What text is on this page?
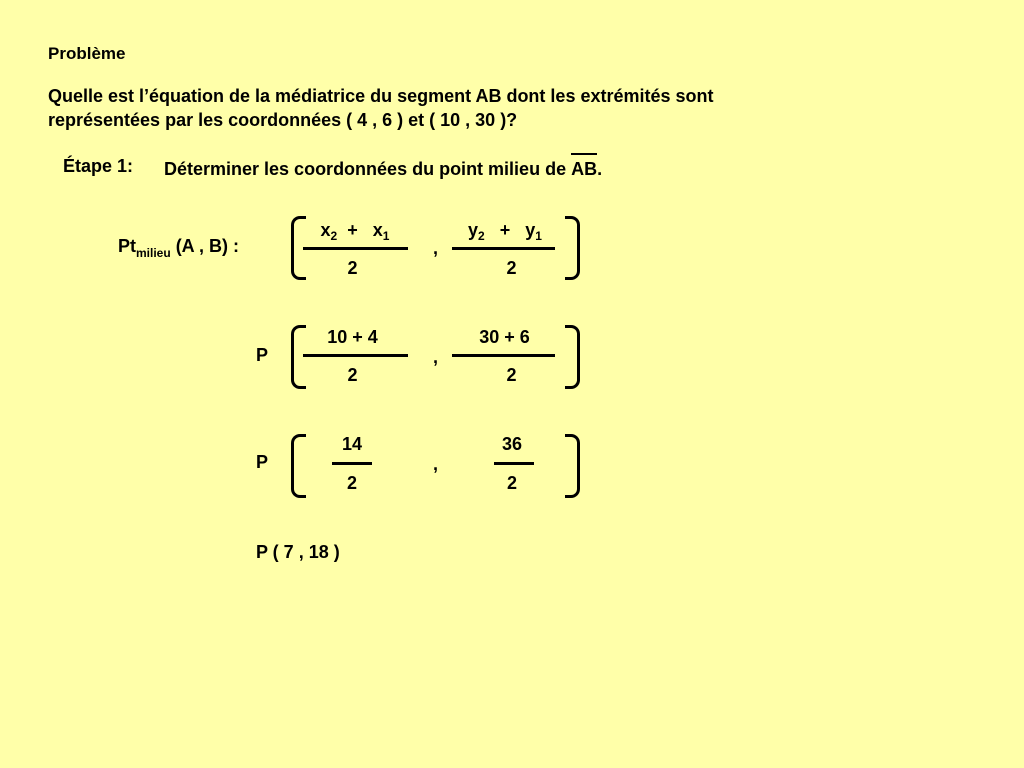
Problème
Quelle est l’équation de la médiatrice du segment AB dont les extrémités sont
représentées par les coordonnées ( 4 , 6 ) et ( 10 , 30 )?
Étape 1: Déterminer les coordonnées du point milieu de AB.
$Pt_{milieu}$ (A , B) :
$x_2 + x_1$
2
,
$y_2 + y_1$
2
P
10 + 4
2
,
30 + 6
2
P
14
2
,
36
2
P ( 7 , 18 )
